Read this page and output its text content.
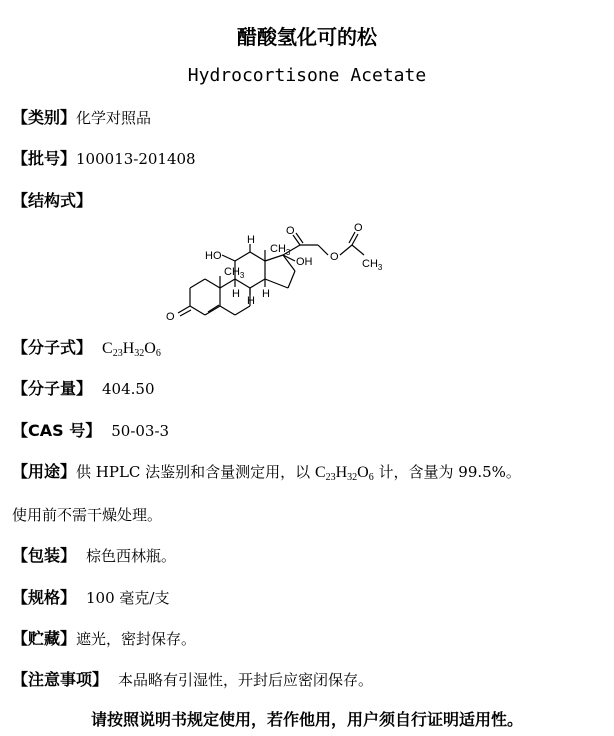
醋酸氢化可的松
Hydrocortisone Acetate
【类别】化学对照品
【批号】100013-201408
【结构式】
O
HO
H
$CH_3$
$CH_3$
H
H
H
OH
O
O
O
$CH_3$
【分子式】 $C_{23}H_{32}O_6$
【分子量】 404.50
【CAS 号】 50-03-3
【用途】供 HPLC 法鉴别和含量测定用，以 $C_{23}H_{32}O_6$ 计，含量为 99.5%。
使用前不需干燥处理。
【包装】 棕色西林瓶。
【规格】 100 毫克/支
【贮藏】遮光，密封保存。
【注意事项】 本品略有引湿性，开封后应密闭保存。
请按照说明书规定使用，若作他用，用户须自行证明适用性。
